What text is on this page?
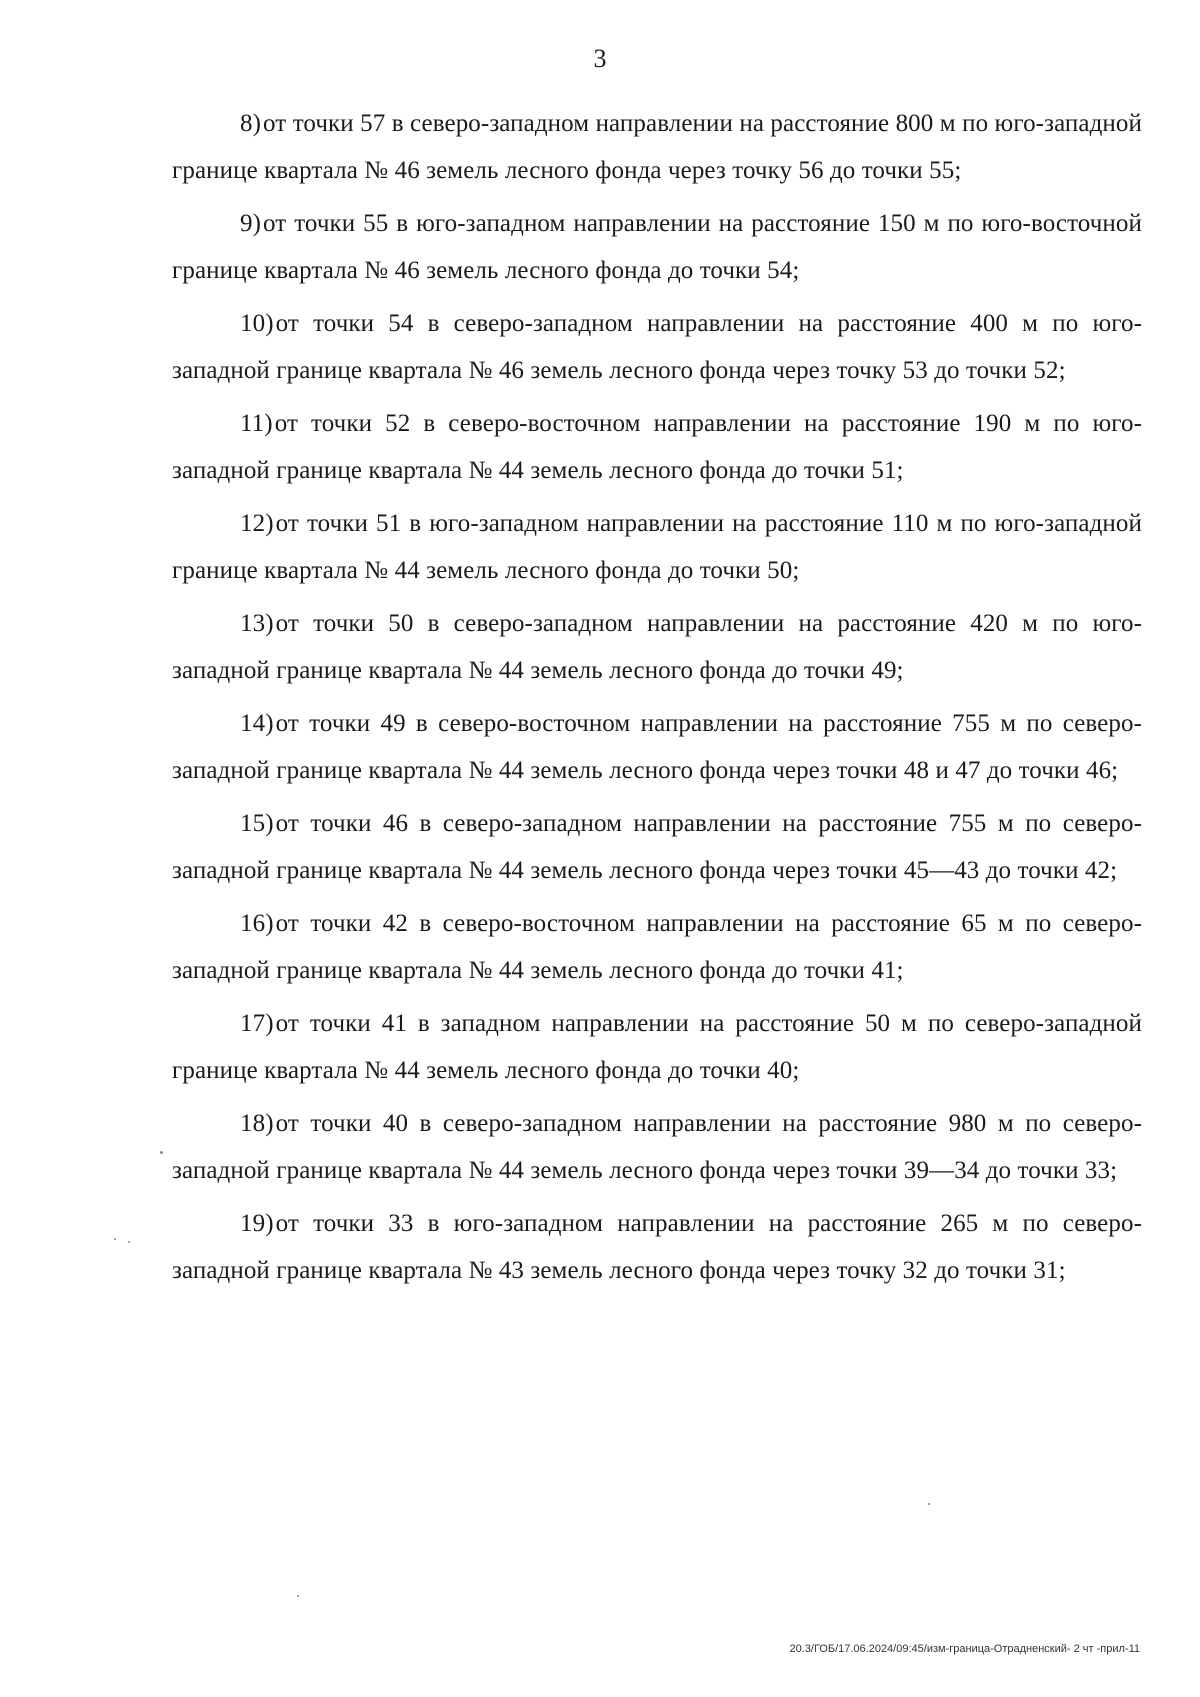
3

8)от точки 57 в северо-западном направлении на расстояние 800 м по юго-западной границе квартала № 46 земель лесного фонда через точку 56 до точки 55;

9)от точки 55 в юго-западном направлении на расстояние 150 м по юго-восточной границе квартала № 46 земель лесного фонда до точки 54;

10)от точки 54 в северо-западном направлении на расстояние 400 м по юго-западной границе квартала № 46 земель лесного фонда через точку 53 до точки 52;

11)от точки 52 в северо-восточном направлении на расстояние 190 м по юго-западной границе квартала № 44 земель лесного фонда до точки 51;

12)от точки 51 в юго-западном направлении на расстояние 110 м по юго-западной границе квартала № 44 земель лесного фонда до точки 50;

13)от точки 50 в северо-западном направлении на расстояние 420 м по юго-западной границе квартала № 44 земель лесного фонда до точки 49;

14)от точки 49 в северо-восточном направлении на расстояние 755 м по северо-западной границе квартала № 44 земель лесного фонда через точки 48 и 47 до точки 46;

15)от точки 46 в северо-западном направлении на расстояние 755 м по северо-западной границе квартала № 44 земель лесного фонда через точки 45—43 до точки 42;

16)от точки 42 в северо-восточном направлении на расстояние 65 м по северо-западной границе квартала № 44 земель лесного фонда до точки 41;

17)от точки 41 в западном направлении на расстояние 50 м по северо-западной границе квартала № 44 земель лесного фонда до точки 40;

18)от точки 40 в северо-западном направлении на расстояние 980 м по северо-западной границе квартала № 44 земель лесного фонда через точки 39—34 до точки 33;

19)от точки 33 в юго-западном направлении на расстояние 265 м по северо-западной границе квартала № 43 земель лесного фонда через точку 32 до точки 31;

20.3/ГОБ/17.06.2024/09:45/изм-граница-Отрадненский- 2 чт -прил-11
